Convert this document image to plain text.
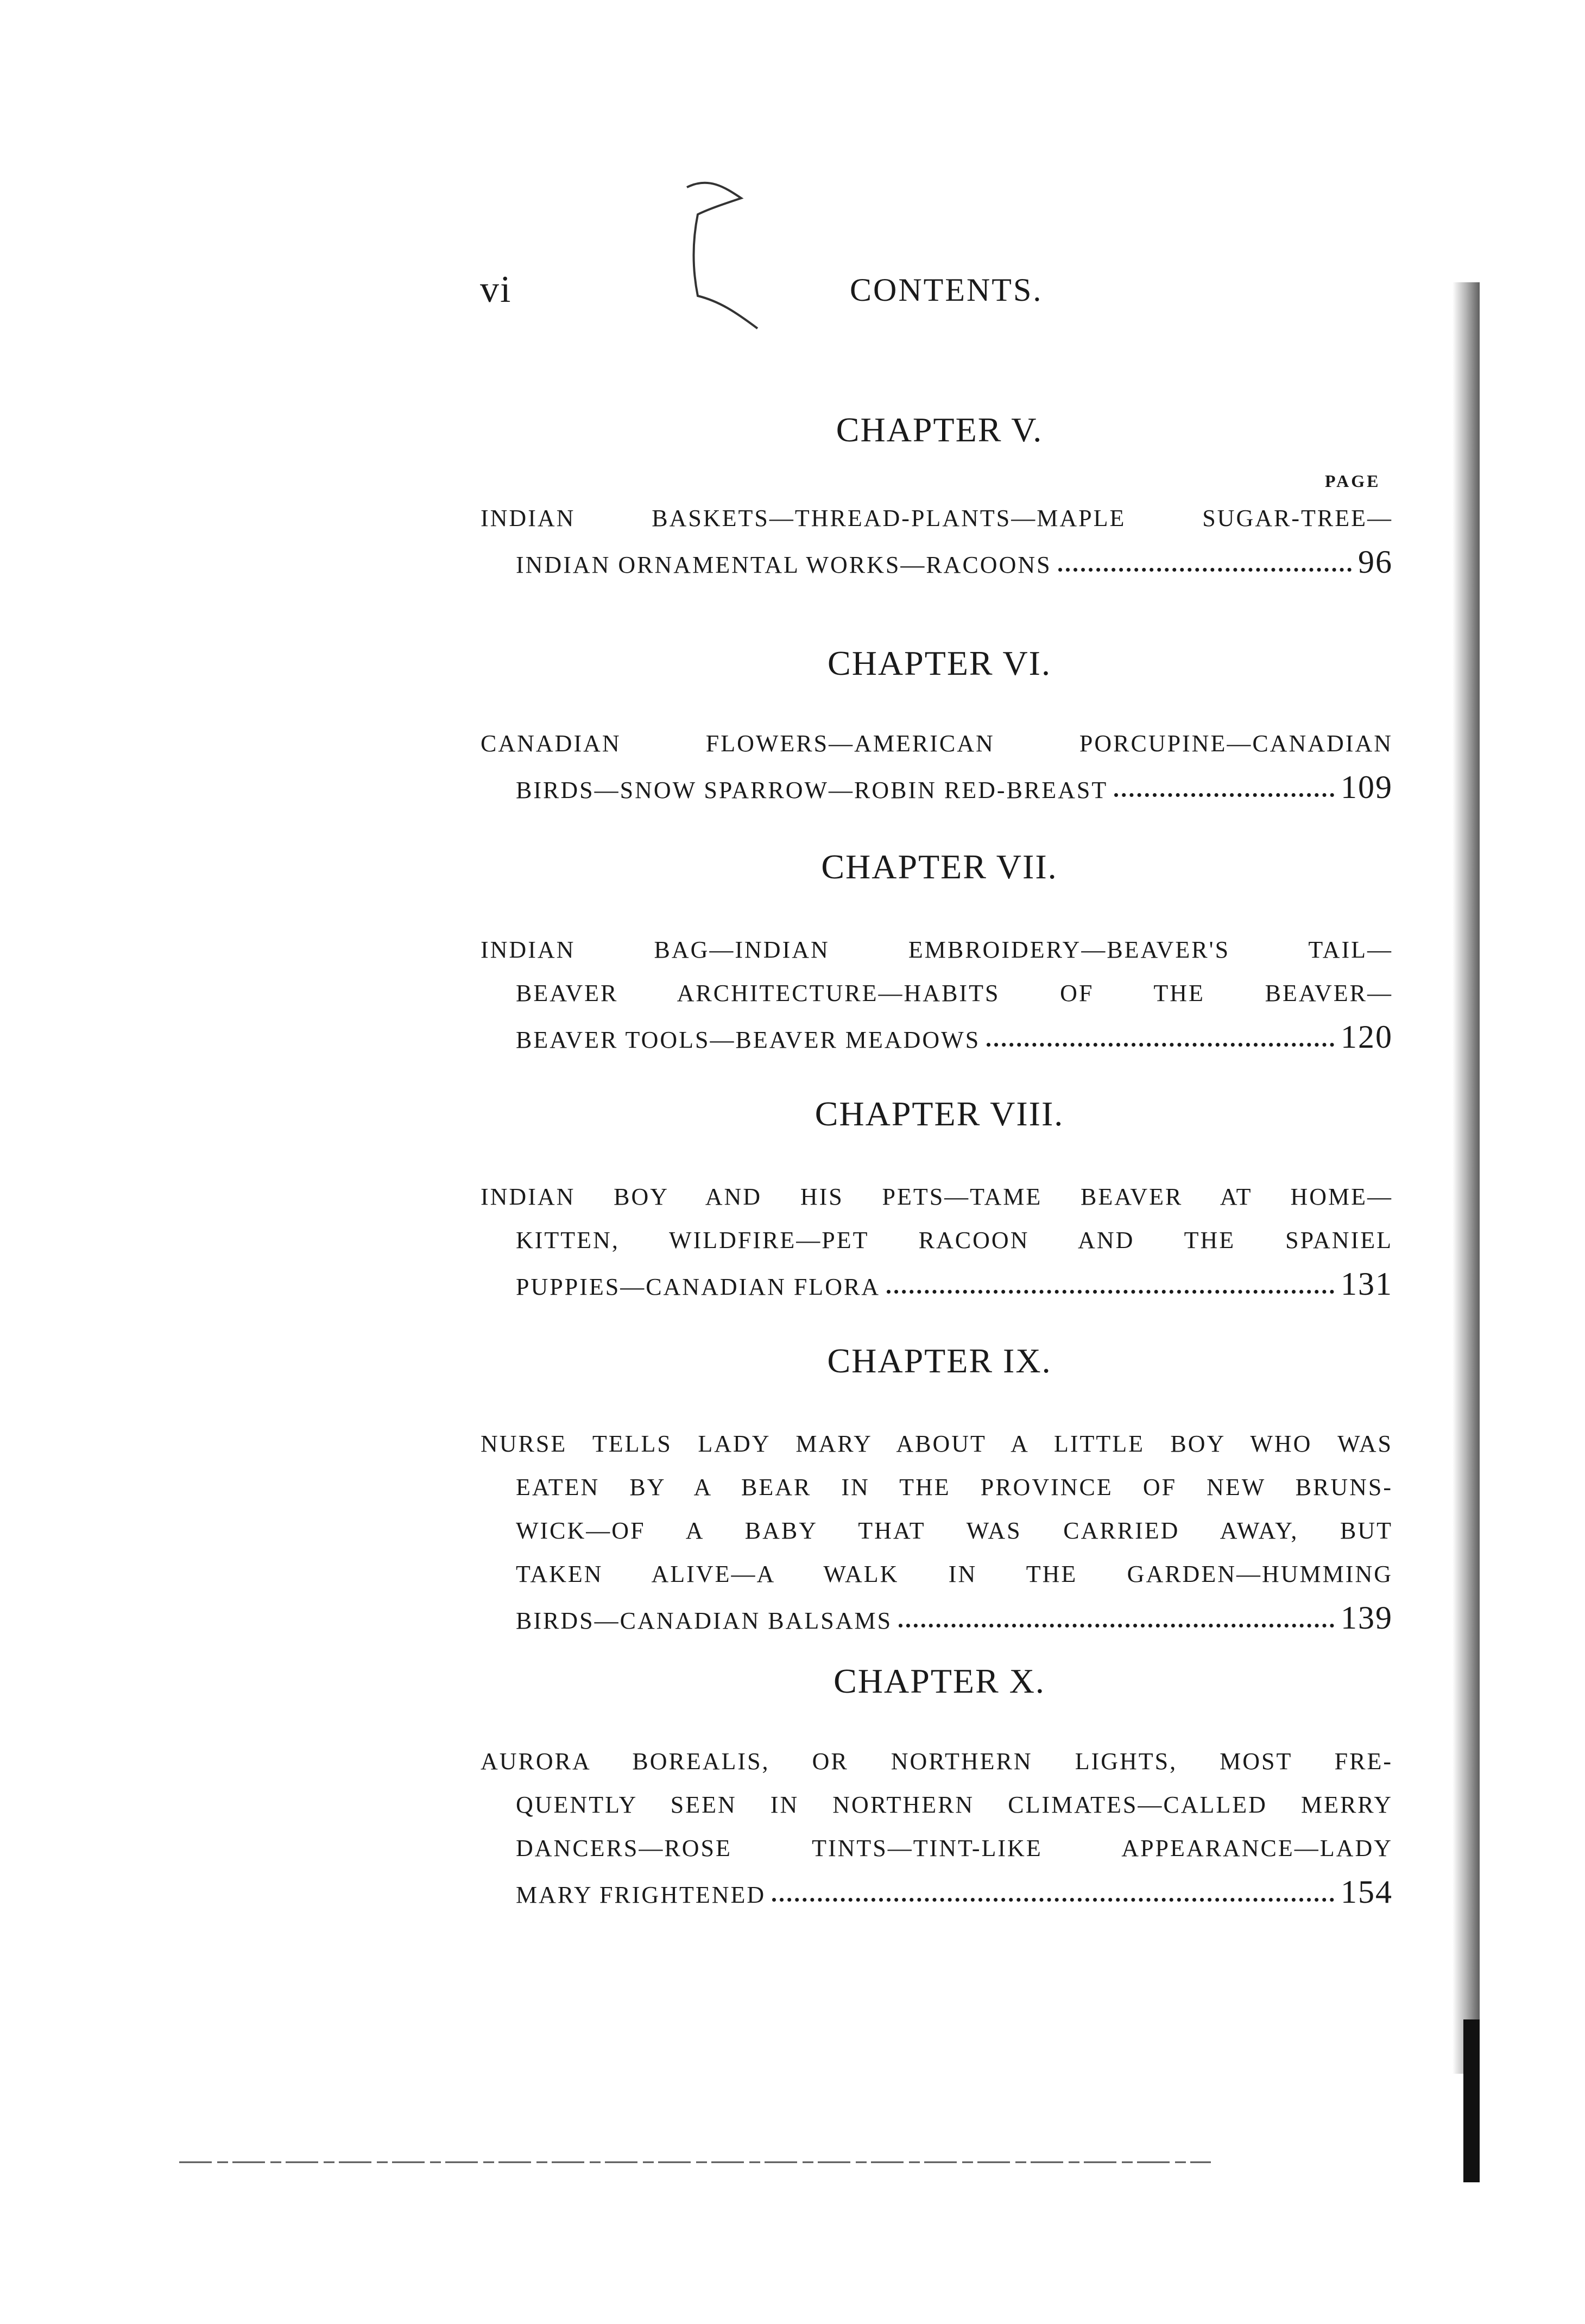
vi	CONTENTS.
PAGE
CHAPTER V.
INDIAN BASKETS—THREAD-PLANTS—MAPLE SUGAR-TREE—
INDIAN ORNAMENTAL WORKS—RACOONS	96
CHAPTER VI.
CANADIAN FLOWERS—AMERICAN PORCUPINE—CANADIAN
BIRDS—SNOW SPARROW—ROBIN RED-BREAST	109
CHAPTER VII.
INDIAN BAG—INDIAN EMBROIDERY—BEAVER'S TAIL—
BEAVER ARCHITECTURE—HABITS OF THE BEAVER—
BEAVER TOOLS—BEAVER MEADOWS	120
CHAPTER VIII.
INDIAN BOY AND HIS PETS—TAME BEAVER AT HOME—
KITTEN, WILDFIRE—PET RACOON AND THE SPANIEL
PUPPIES—CANADIAN FLORA	131
CHAPTER IX.
NURSE TELLS LADY MARY ABOUT A LITTLE BOY WHO WAS
EATEN BY A BEAR IN THE PROVINCE OF NEW BRUNS-
WICK—OF A BABY THAT WAS CARRIED AWAY, BUT
TAKEN ALIVE—A WALK IN THE GARDEN—HUMMING
BIRDS—CANADIAN BALSAMS	139
CHAPTER X.
AURORA BOREALIS, OR NORTHERN LIGHTS, MOST FRE-
QUENTLY SEEN IN NORTHERN CLIMATES—CALLED MERRY
DANCERS—ROSE TINTS—TINT-LIKE APPEARANCE—LADY
MARY FRIGHTENED	154
